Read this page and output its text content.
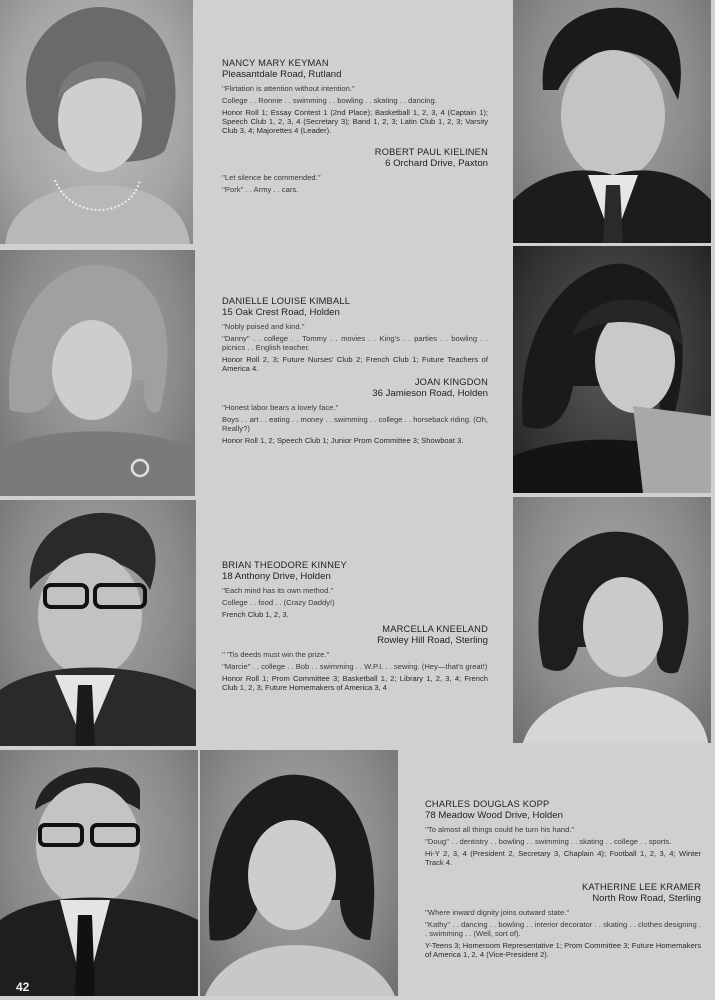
42
NANCY MARY KEYMAN
Pleasantdale Road, Rutland
''Flirtation is attention without intention.''
College . . Ronnie . . swimming . . bowling . . skating . . dancing.
Honor Roll 1; Essay Contest 1 (2nd Place); Basketball 1, 2, 3, 4 (Captain 1); Speech Club 1, 2, 3, 4 (Secretary 3); Band 1, 2, 3; Latin Club 1, 2, 3; Varsity Club 3, 4; Majorettes 4 (Leader).
ROBERT PAUL KIELINEN
6 Orchard Drive, Paxton
''Let silence be commended.''
''Pork'' . . Army . . cars.
DANIELLE LOUISE KIMBALL
15 Oak Crest Road, Holden
''Nobly poised and kind.''
''Danny'' . . college . . Tommy . . movies . . King's . . parties . . bowling . . picnics . . English teacher.
Honor Roll 2, 3; Future Nurses' Club 2; French Club 1; Future Teachers of America 4.
JOAN KINGDON
36 Jamieson Road, Holden
''Honest labor bears a lovely face.''
Boys . . art . . eating . . money . . swimming . . college . . horseback riding. (Oh, Really?)
Honor Roll 1, 2; Speech Club 1; Junior Prom Committee 3; Showboat 3.
BRIAN THEODORE KINNEY
18 Anthony Drive, Holden
''Each mind has its own method.''
College . . food . . (Crazy Daddy!)
French Club 1, 2, 3.
MARCELLA KNEELAND
Rowley Hill Road, Sterling
'' 'Tis deeds must win the prize.''
''Marcie'' . . college . . Bob . . swimming . . W.P.I. . . sewing. (Hey—that's great!)
Honor Roll 1; Prom Committee 3; Basketball 1, 2; Library 1, 2, 3, 4; French Club 1, 2, 3; Future Homemakers of America 3, 4
CHARLES DOUGLAS KOPP
78 Meadow Wood Drive, Holden
''To almost all things could he turn his hand.''
''Doug'' . . dentistry . . bowling . . swimming . . skating . . college . . sports.
Hi-Y 2, 3, 4 (President 2, Secretary 3, Chaplain 4); Football 1, 2, 3, 4; Winter Track 4.
KATHERINE LEE KRAMER
North Row Road, Sterling
''Where inward dignity joins outward state.''
''Kathy'' . . dancing . . bowling . . interior decorator . . skating . . clothes designing . . swimming . . (Well, sort of).
Y-Teens 3; Homeroom Representative 1; Prom Committee 3; Future Homemakers of America 1, 2, 4 (Vice-President 2).
